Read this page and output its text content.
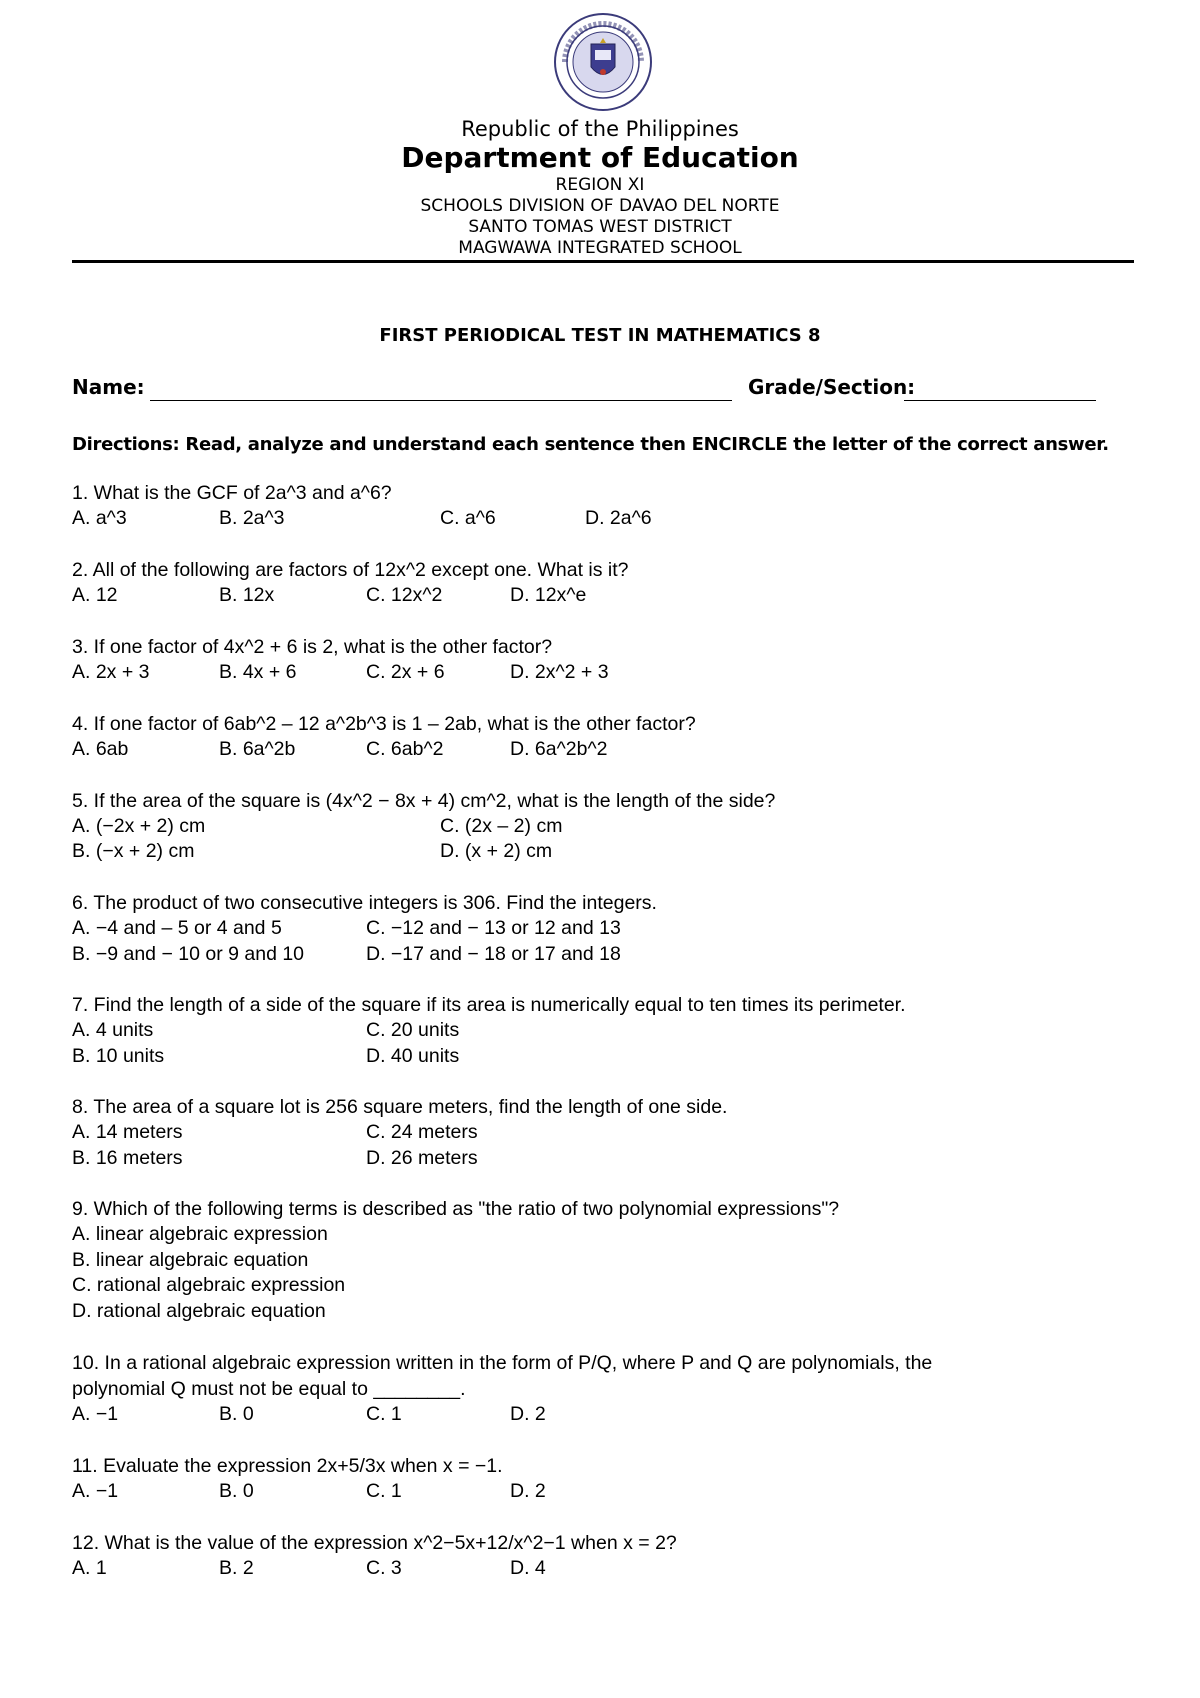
Republic of the Philippines
Department of Education
REGION XI
SCHOOLS DIVISION OF DAVAO DEL NORTE
SANTO TOMAS WEST DISTRICT
MAGWAWA INTEGRATED SCHOOL
FIRST PERIODICAL TEST IN MATHEMATICS 8
Name:	Grade/Section:
Directions: Read, analyze and understand each sentence then ENCIRCLE the letter of the correct answer.
1. What is the GCF of 2a^3 and a^6?
A. a^3	B. 2a^3	C. a^6	D. 2a^6
2. All of the following are factors of 12x^2 except one. What is it?
A. 12	B. 12x	C. 12x^2	D. 12x^e
3. If one factor of 4x^2 + 6 is 2, what is the other factor?
A. 2x + 3	B. 4x + 6	C. 2x + 6	D. 2x^2 + 3
4. If one factor of 6ab^2 – 12 a^2b^3 is 1 – 2ab, what is the other factor?
A. 6ab	B. 6a^2b	C. 6ab^2	D. 6a^2b^2
5. If the area of the square is (4x^2 − 8x + 4) cm^2, what is the length of the side?
A. (−2x + 2) cm	C. (2x – 2) cm
B. (−x + 2) cm	D. (x + 2) cm
6. The product of two consecutive integers is 306. Find the integers.
A. −4 and – 5 or 4 and 5	C. −12 and − 13 or 12 and 13
B. −9 and − 10 or 9 and 10	D. −17 and − 18 or 17 and 18
7. Find the length of a side of the square if its area is numerically equal to ten times its perimeter.
A. 4 units	C. 20 units
B. 10 units	D. 40 units
8. The area of a square lot is 256 square meters, find the length of one side.
A. 14 meters	C. 24 meters
B. 16 meters	D. 26 meters
9. Which of the following terms is described as "the ratio of two polynomial expressions"?
A. linear algebraic expression
B. linear algebraic equation
C. rational algebraic expression
D. rational algebraic equation
10. In a rational algebraic expression written in the form of P/Q, where P and Q are polynomials, the
polynomial Q must not be equal to ________.
A. −1	B. 0	C. 1	D. 2
11. Evaluate the expression 2x+5/3x when x = −1.
A. −1	B. 0	C. 1	D. 2
12. What is the value of the expression x^2−5x+12/x^2−1 when x = 2?
A. 1	B. 2	C. 3	D. 4
